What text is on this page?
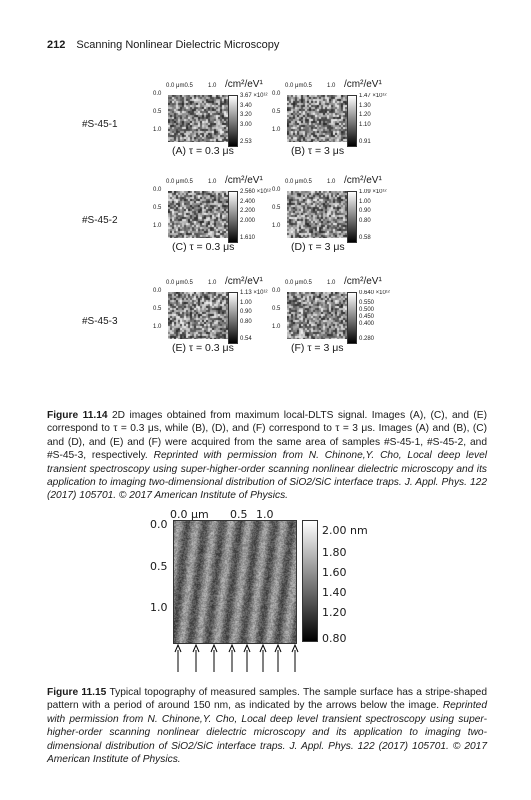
212 Scanning Nonlinear Dielectric Microscopy
#S-45-1
0.0 μm0.5	1.0
0.0
0.5
1.0
/cm²/eV¹
3.67 ×10¹²
3.40
3.20
3.00
2.53
(A) τ = 0.3 μs
0.0 μm0.5	1.0
0.0
0.5
1.0
/cm²/eV¹
1.47 ×10¹²
1.30
1.20
1.10
0.91
(B) τ = 3 μs
#S-45-2
0.0 μm0.5	1.0
0.0
0.5
1.0
/cm²/eV¹
2.560 ×10¹²
2.400
2.200
2.000
1.610
(C) τ = 0.3 μs
0.0 μm0.5	1.0
0.0
0.5
1.0
/cm²/eV¹
1.09 ×10¹²
1.00
0.90
0.80
0.58
(D) τ = 3 μs
#S-45-3
0.0 μm0.5	1.0
0.0
0.5
1.0
/cm²/eV¹
1.13 ×10¹²
1.00
0.90
0.80
0.54
(E) τ = 0.3 μs
0.0 μm0.5	1.0
0.0
0.5
1.0
/cm²/eV¹
0.640 ×10¹²
0.550
0.500
0.450
0.400
0.280
(F) τ = 3 μs
Figure 11.14 2D images obtained from maximum local-DLTS signal. Images (A), (C), and (E) correspond to τ = 0.3 μs, while (B), (D), and (F) correspond to τ = 3 μs. Images (A) and (B), (C) and (D), and (E) and (F) were acquired from the same area of samples #S-45-1, #S-45-2, and #S-45-3, respectively. Reprinted with permission from N. Chinone,Y. Cho, Local deep level transient spectroscopy using super-higher-order scanning nonlinear dielectric microscopy and its application to imaging two-dimensional distribution of SiO2/SiC interface traps. J. Appl. Phys. 122 (2017) 105701. © 2017 American Institute of Physics.
0.0 μm 0.5 1.0
0.0
0.5
1.0
2.00 nm
1.80
1.60
1.40
1.20
0.80
Figure 11.15 Typical topography of measured samples. The sample surface has a stripe-shaped pattern with a period of around 150 nm, as indicated by the arrows below the image. Reprinted with permission from N. Chinone,Y. Cho, Local deep level transient spectroscopy using super-higher-order scanning nonlinear dielectric microscopy and its application to imaging two-dimensional distribution of SiO2/SiC interface traps. J. Appl. Phys. 122 (2017) 105701. © 2017 American Institute of Physics.
